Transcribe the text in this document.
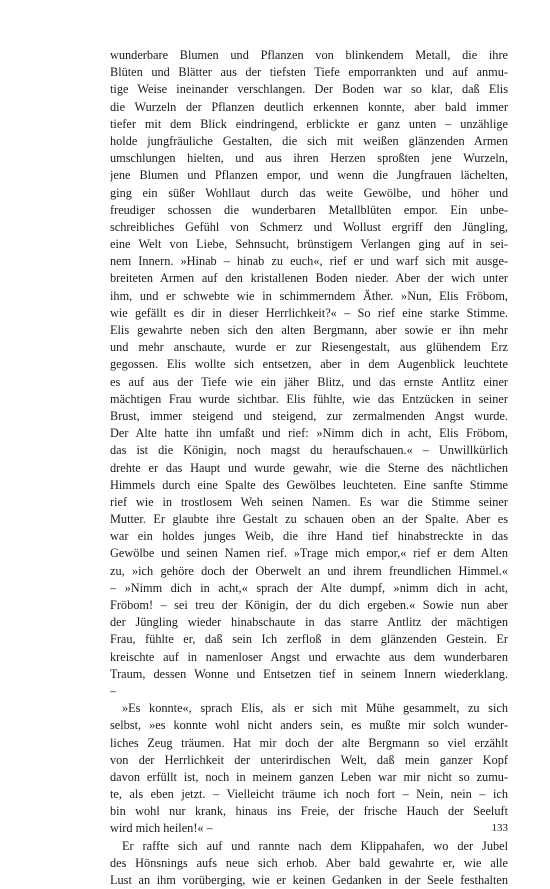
wunderbare Blumen und Pflanzen von blinkendem Metall, die ihre
Blüten und Blätter aus der tiefsten Tiefe emporrankten und auf anmu-
tige Weise ineinander verschlangen. Der Boden war so klar, daß Elis
die Wurzeln der Pflanzen deutlich erkennen konnte, aber bald immer
tiefer mit dem Blick eindringend, erblickte er ganz unten – unzählige
holde jungfräuliche Gestalten, die sich mit weißen glänzenden Armen
umschlungen hielten, und aus ihren Herzen sproßten jene Wurzeln,
jene Blumen und Pflanzen empor, und wenn die Jungfrauen lächelten,
ging ein süßer Wohllaut durch das weite Gewölbe, und höher und
freudiger schossen die wunderbaren Metallblüten empor. Ein unbe-
schreibliches Gefühl von Schmerz und Wollust ergriff den Jüngling,
eine Welt von Liebe, Sehnsucht, brünstigem Verlangen ging auf in sei-
nem Innern. »Hinab – hinab zu euch«, rief er und warf sich mit ausge-
breiteten Armen auf den kristallenen Boden nieder. Aber der wich unter
ihm, und er schwebte wie in schimmerndem Äther. »Nun, Elis Fröbom,
wie gefällt es dir in dieser Herrlichkeit?« – So rief eine starke Stimme.
Elis gewahrte neben sich den alten Bergmann, aber sowie er ihn mehr
und mehr anschaute, wurde er zur Riesengestalt, aus glühendem Erz
gegossen. Elis wollte sich entsetzen, aber in dem Augenblick leuchtete
es auf aus der Tiefe wie ein jäher Blitz, und das ernste Antlitz einer
mächtigen Frau wurde sichtbar. Elis fühlte, wie das Entzücken in seiner
Brust, immer steigend und steigend, zur zermalmenden Angst wurde.
Der Alte hatte ihn umfaßt und rief: »Nimm dich in acht, Elis Fröbom,
das ist die Königin, noch magst du heraufschauen.« – Unwillkürlich
drehte er das Haupt und wurde gewahr, wie die Sterne des nächtlichen
Himmels durch eine Spalte des Gewölbes leuchteten. Eine sanfte Stimme
rief wie in trostlosem Weh seinen Namen. Es war die Stimme seiner
Mutter. Er glaubte ihre Gestalt zu schauen oben an der Spalte. Aber es
war ein holdes junges Weib, die ihre Hand tief hinabstreckte in das
Gewölbe und seinen Namen rief. »Trage mich empor,« rief er dem Alten
zu, »ich gehöre doch der Oberwelt an und ihrem freundlichen Himmel.«
– »Nimm dich in acht,« sprach der Alte dumpf, »nimm dich in acht,
Fröbom! – sei treu der Königin, der du dich ergeben.« Sowie nun aber
der Jüngling wieder hinabschaute in das starre Antlitz der mächtigen
Frau, fühlte er, daß sein Ich zerfloß in dem glänzenden Gestein. Er
kreischte auf in namenloser Angst und erwachte aus dem wunderbaren
Traum, dessen Wonne und Entsetzen tief in seinem Innern wiederklang.
–
»Es konnte«, sprach Elis, als er sich mit Mühe gesammelt, zu sich
selbst, »es konnte wohl nicht anders sein, es mußte mir solch wunder-
liches Zeug träumen. Hat mir doch der alte Bergmann so viel erzählt
von der Herrlichkeit der unterirdischen Welt, daß mein ganzer Kopf
davon erfüllt ist, noch in meinem ganzen Leben war mir nicht so zumu-
te, als eben jetzt. – Vielleicht träume ich noch fort – Nein, nein – ich
bin wohl nur krank, hinaus ins Freie, der frische Hauch der Seeluft
wird mich heilen!« –
Er raffte sich auf und rannte nach dem Klippahafen, wo der Jubel
des Hönsnings aufs neue sich erhob. Aber bald gewahrte er, wie alle
Lust an ihm vorüberging, wie er keinen Gedanken in der Seele festhalten
133
